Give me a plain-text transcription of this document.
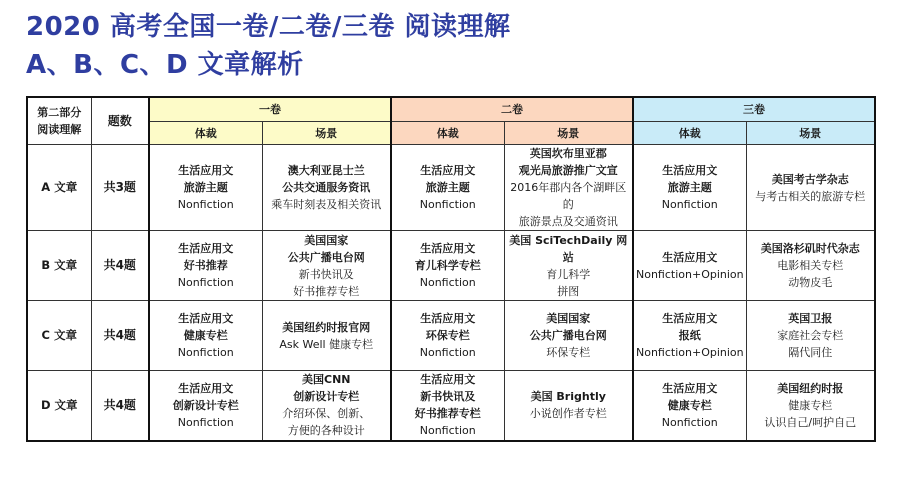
2020 高考全国一卷/二卷/三卷 阅读理解
A、B、C、D 文章解析
第二部分
阅读理解	题数	一卷		二卷		三卷	
		体裁	场景	体裁	场景	体裁	场景
A 文章	共3题	生活应用文
旅游主题
Nonfiction	澳大利亚昆士兰
公共交通服务资讯
乘车时刻表及相关资讯	生活应用文
旅游主题
Nonfiction	英国坎布里亚郡
观光局旅游推广文宣
2016年郡内各个湖畔区的
旅游景点及交通资讯	生活应用文
旅游主题
Nonfiction	美国考古学杂志
与考古相关的旅游专栏

B 文章	共4题	生活应用文
好书推荐
Nonfiction	美国国家
公共广播电台网
新书快讯及
好书推荐专栏	生活应用文
育儿科学专栏
Nonfiction	美国 SciTechDaily 网站
育儿科学
拼图	生活应用文
Nonfiction+Opinion	美国洛杉矶时代杂志
电影相关专栏
动物皮毛

C 文章	共4题	生活应用文
健康专栏
Nonfiction	美国纽约时报官网
Ask Well 健康专栏	生活应用文
环保专栏
Nonfiction	美国国家
公共广播电台网
环保专栏	生活应用文
报纸
Nonfiction+Opinion	英国卫报
家庭社会专栏
隔代同住

D 文章	共4题	生活应用文
创新设计专栏
Nonfiction	美国CNN
创新设计专栏
介绍环保、创新、
方便的各种设计	生活应用文
新书快讯及
好书推荐专栏
Nonfiction	美国 Brightly
小说创作者专栏	生活应用文
健康专栏
Nonfiction	美国纽约时报
健康专栏
认识自己/呵护自己
